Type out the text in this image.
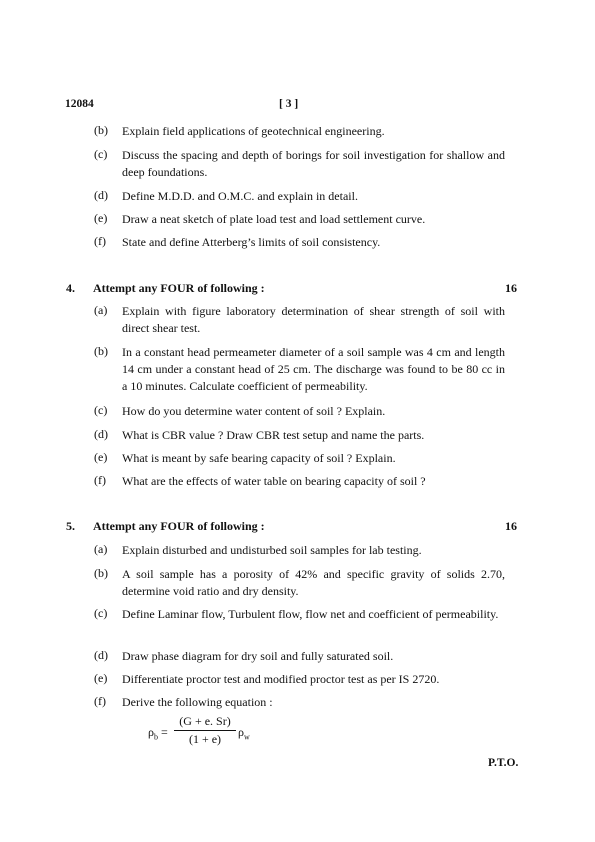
12084	[ 3 ]
(b) Explain field applications of geotechnical engineering.
(c) Discuss the spacing and depth of borings for soil investigation for shallow and deep foundations.
(d) Define M.D.D. and O.M.C. and explain in detail.
(e) Draw a neat sketch of plate load test and load settlement curve.
(f) State and define Atterberg’s limits of soil consistency.
4. Attempt any FOUR of following :	16
(a) Explain with figure laboratory determination of shear strength of soil with direct shear test.
(b) In a constant head permeameter diameter of a soil sample was 4 cm and length 14 cm under a constant head of 25 cm. The discharge was found to be 80 cc in a 10 minutes. Calculate coefficient of permeability.
(c) How do you determine water content of soil ? Explain.
(d) What is CBR value ? Draw CBR test setup and name the parts.
(e) What is meant by safe bearing capacity of soil ? Explain.
(f) What are the effects of water table on bearing capacity of soil ?
5. Attempt any FOUR of following :	16
(a) Explain disturbed and undisturbed soil samples for lab testing.
(b) A soil sample has a porosity of 42% and specific gravity of solids 2.70, determine void ratio and dry density.
(c) Define Laminar flow, Turbulent flow, flow net and coefficient of permeability.
(d) Draw phase diagram for dry soil and fully saturated soil.
(e) Differentiate proctor test and modified proctor test as per IS 2720.
(f) Derive the following equation :
$\rho_b$ =
(G + e. Sr)
(1 + e)	$\rho_w$
P.T.O.
